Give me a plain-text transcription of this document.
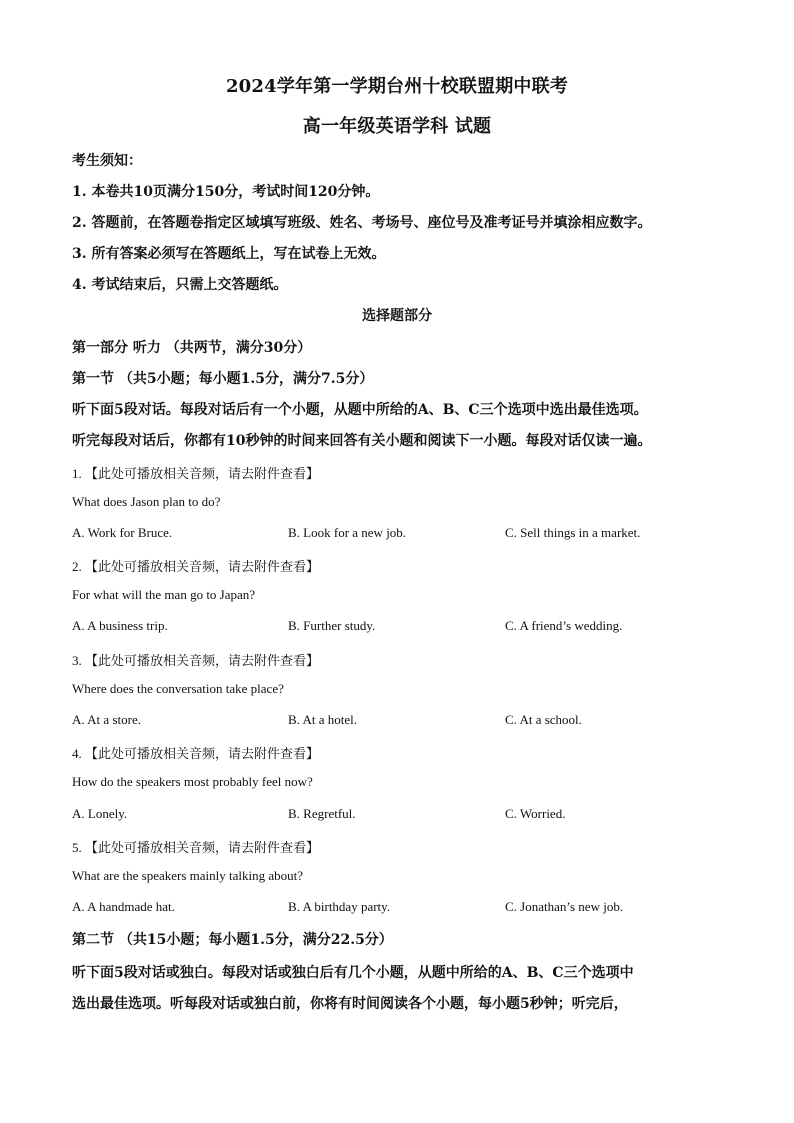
2024学年第一学期台州十校联盟期中联考
高一年级英语学科 试题
考生须知：
1. 本卷共10页满分150分，考试时间120分钟。
2. 答题前，在答题卷指定区域填写班级、姓名、考场号、座位号及准考证号并填涂相应数字。
3. 所有答案必须写在答题纸上，写在试卷上无效。
4. 考试结束后，只需上交答题纸。
选择题部分
第一部分 听力 （共两节，满分30分）
第一节 （共5小题；每小题1.5分，满分7.5分）
听下面5段对话。每段对话后有一个小题，从题中所给的A、B、C三个选项中选出最佳选项。
听完每段对话后，你都有10秒钟的时间来回答有关小题和阅读下一小题。每段对话仅读一遍。
1. 【此处可播放相关音频，请去附件查看】
What does Jason plan to do?
A. Work for Bruce.	B. Look for a new job.	C. Sell things in a market.
2. 【此处可播放相关音频，请去附件查看】
For what will the man go to Japan?
A. A business trip.	B. Further study.	C. A friend’s wedding.
3. 【此处可播放相关音频，请去附件查看】
Where does the conversation take place?
A. At a store.	B. At a hotel.	C. At a school.
4. 【此处可播放相关音频，请去附件查看】
How do the speakers most probably feel now?
A. Lonely.	B. Regretful.	C. Worried.
5. 【此处可播放相关音频，请去附件查看】
What are the speakers mainly talking about?
A. A handmade hat.	B. A birthday party.	C. Jonathan’s new job.
第二节 （共15小题；每小题1.5分，满分22.5分）
听下面5段对话或独白。每段对话或独白后有几个小题，从题中所给的A、B、C三个选项中
选出最佳选项。听每段对话或独白前，你将有时间阅读各个小题，每小题5秒钟；听完后，
